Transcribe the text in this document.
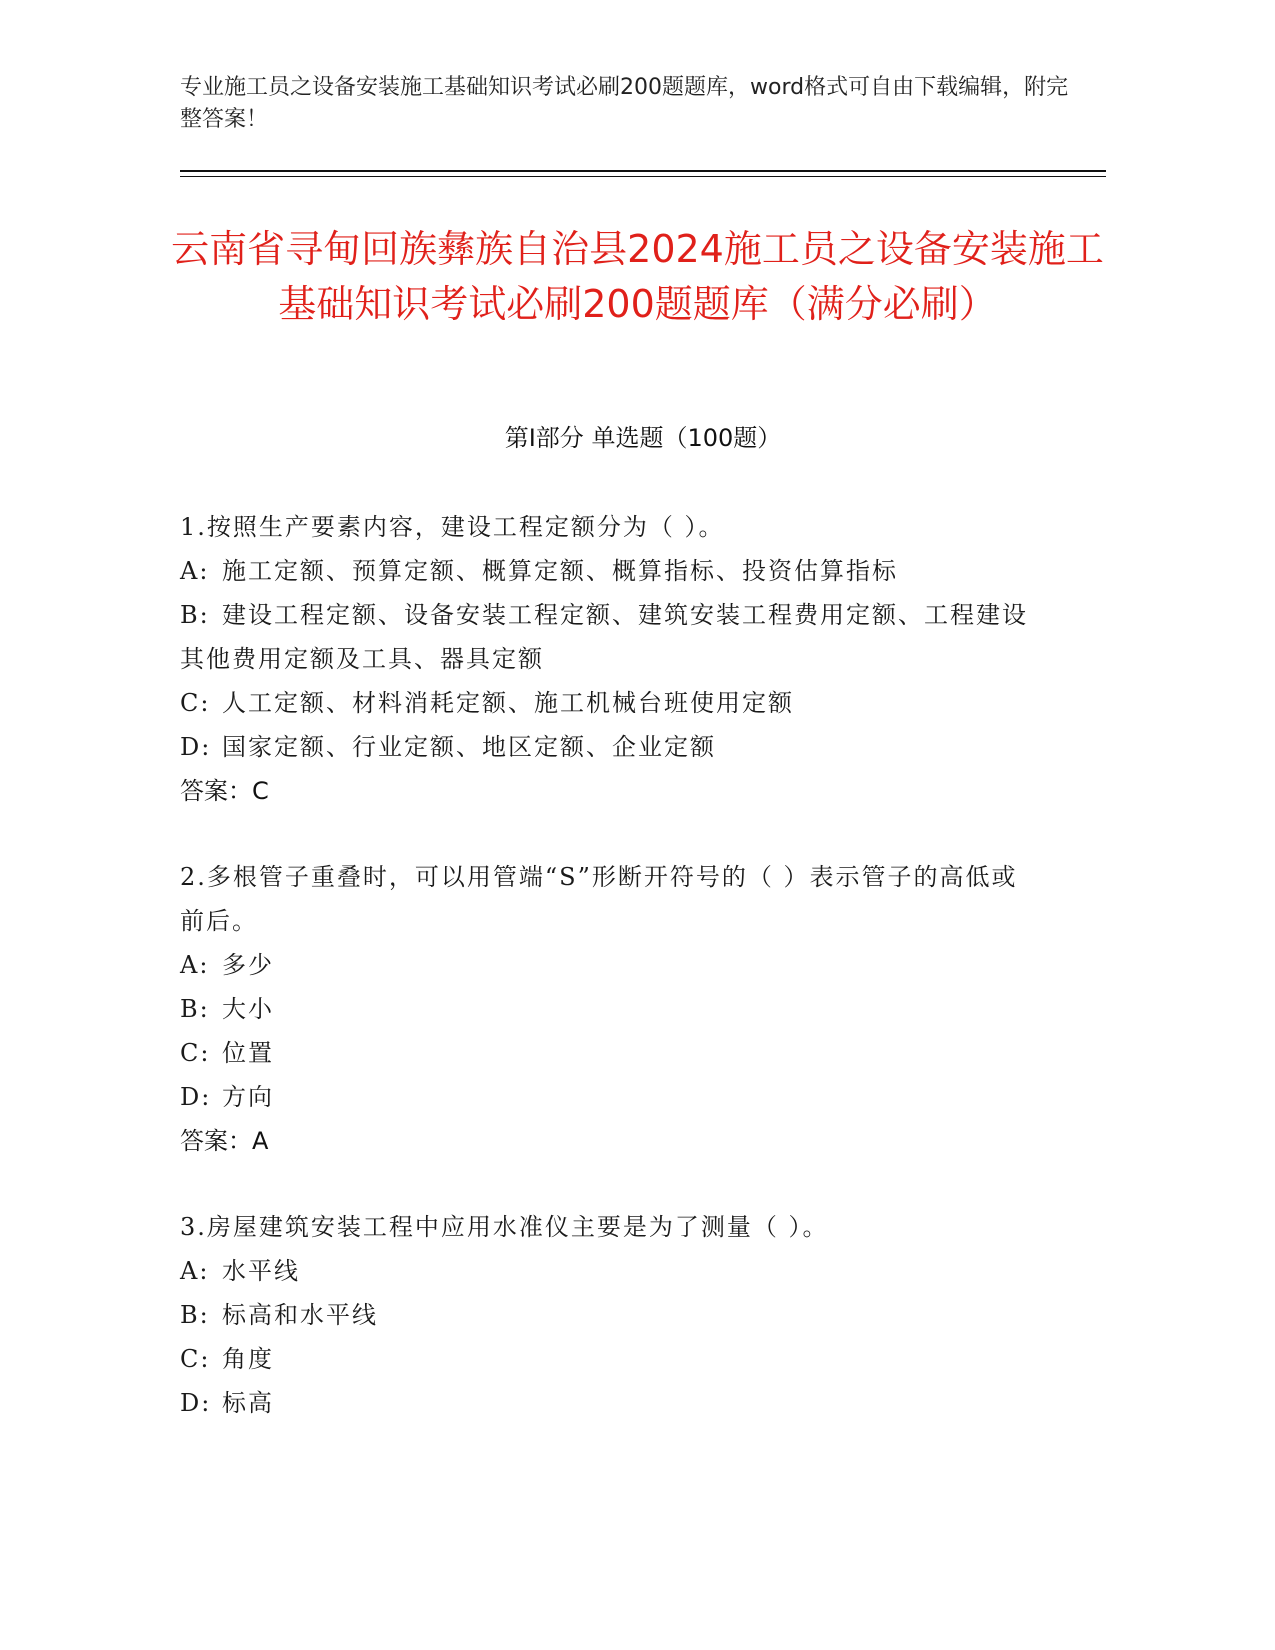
专业施工员之设备安装施工基础知识考试必刷200题题库，word格式可自由下载编辑，附完整答案！
云南省寻甸回族彝族自治县2024施工员之设备安装施工基础知识考试必刷200题题库（满分必刷）
第Ⅰ部分 单选题（100题）
1.按照生产要素内容，建设工程定额分为（ ）。
A: 施工定额、预算定额、概算定额、概算指标、投资估算指标
B: 建设工程定额、设备安装工程定额、建筑安装工程费用定额、工程建设其他费用定额及工具、器具定额
C: 人工定额、材料消耗定额、施工机械台班使用定额
D: 国家定额、行业定额、地区定额、企业定额
答案：C
2.多根管子重叠时，可以用管端“S”形断开符号的（ ）表示管子的高低或前后。
A: 多少
B: 大小
C: 位置
D: 方向
答案：A
3.房屋建筑安装工程中应用水准仪主要是为了测量（ ）。
A: 水平线
B: 标高和水平线
C: 角度
D: 标高
